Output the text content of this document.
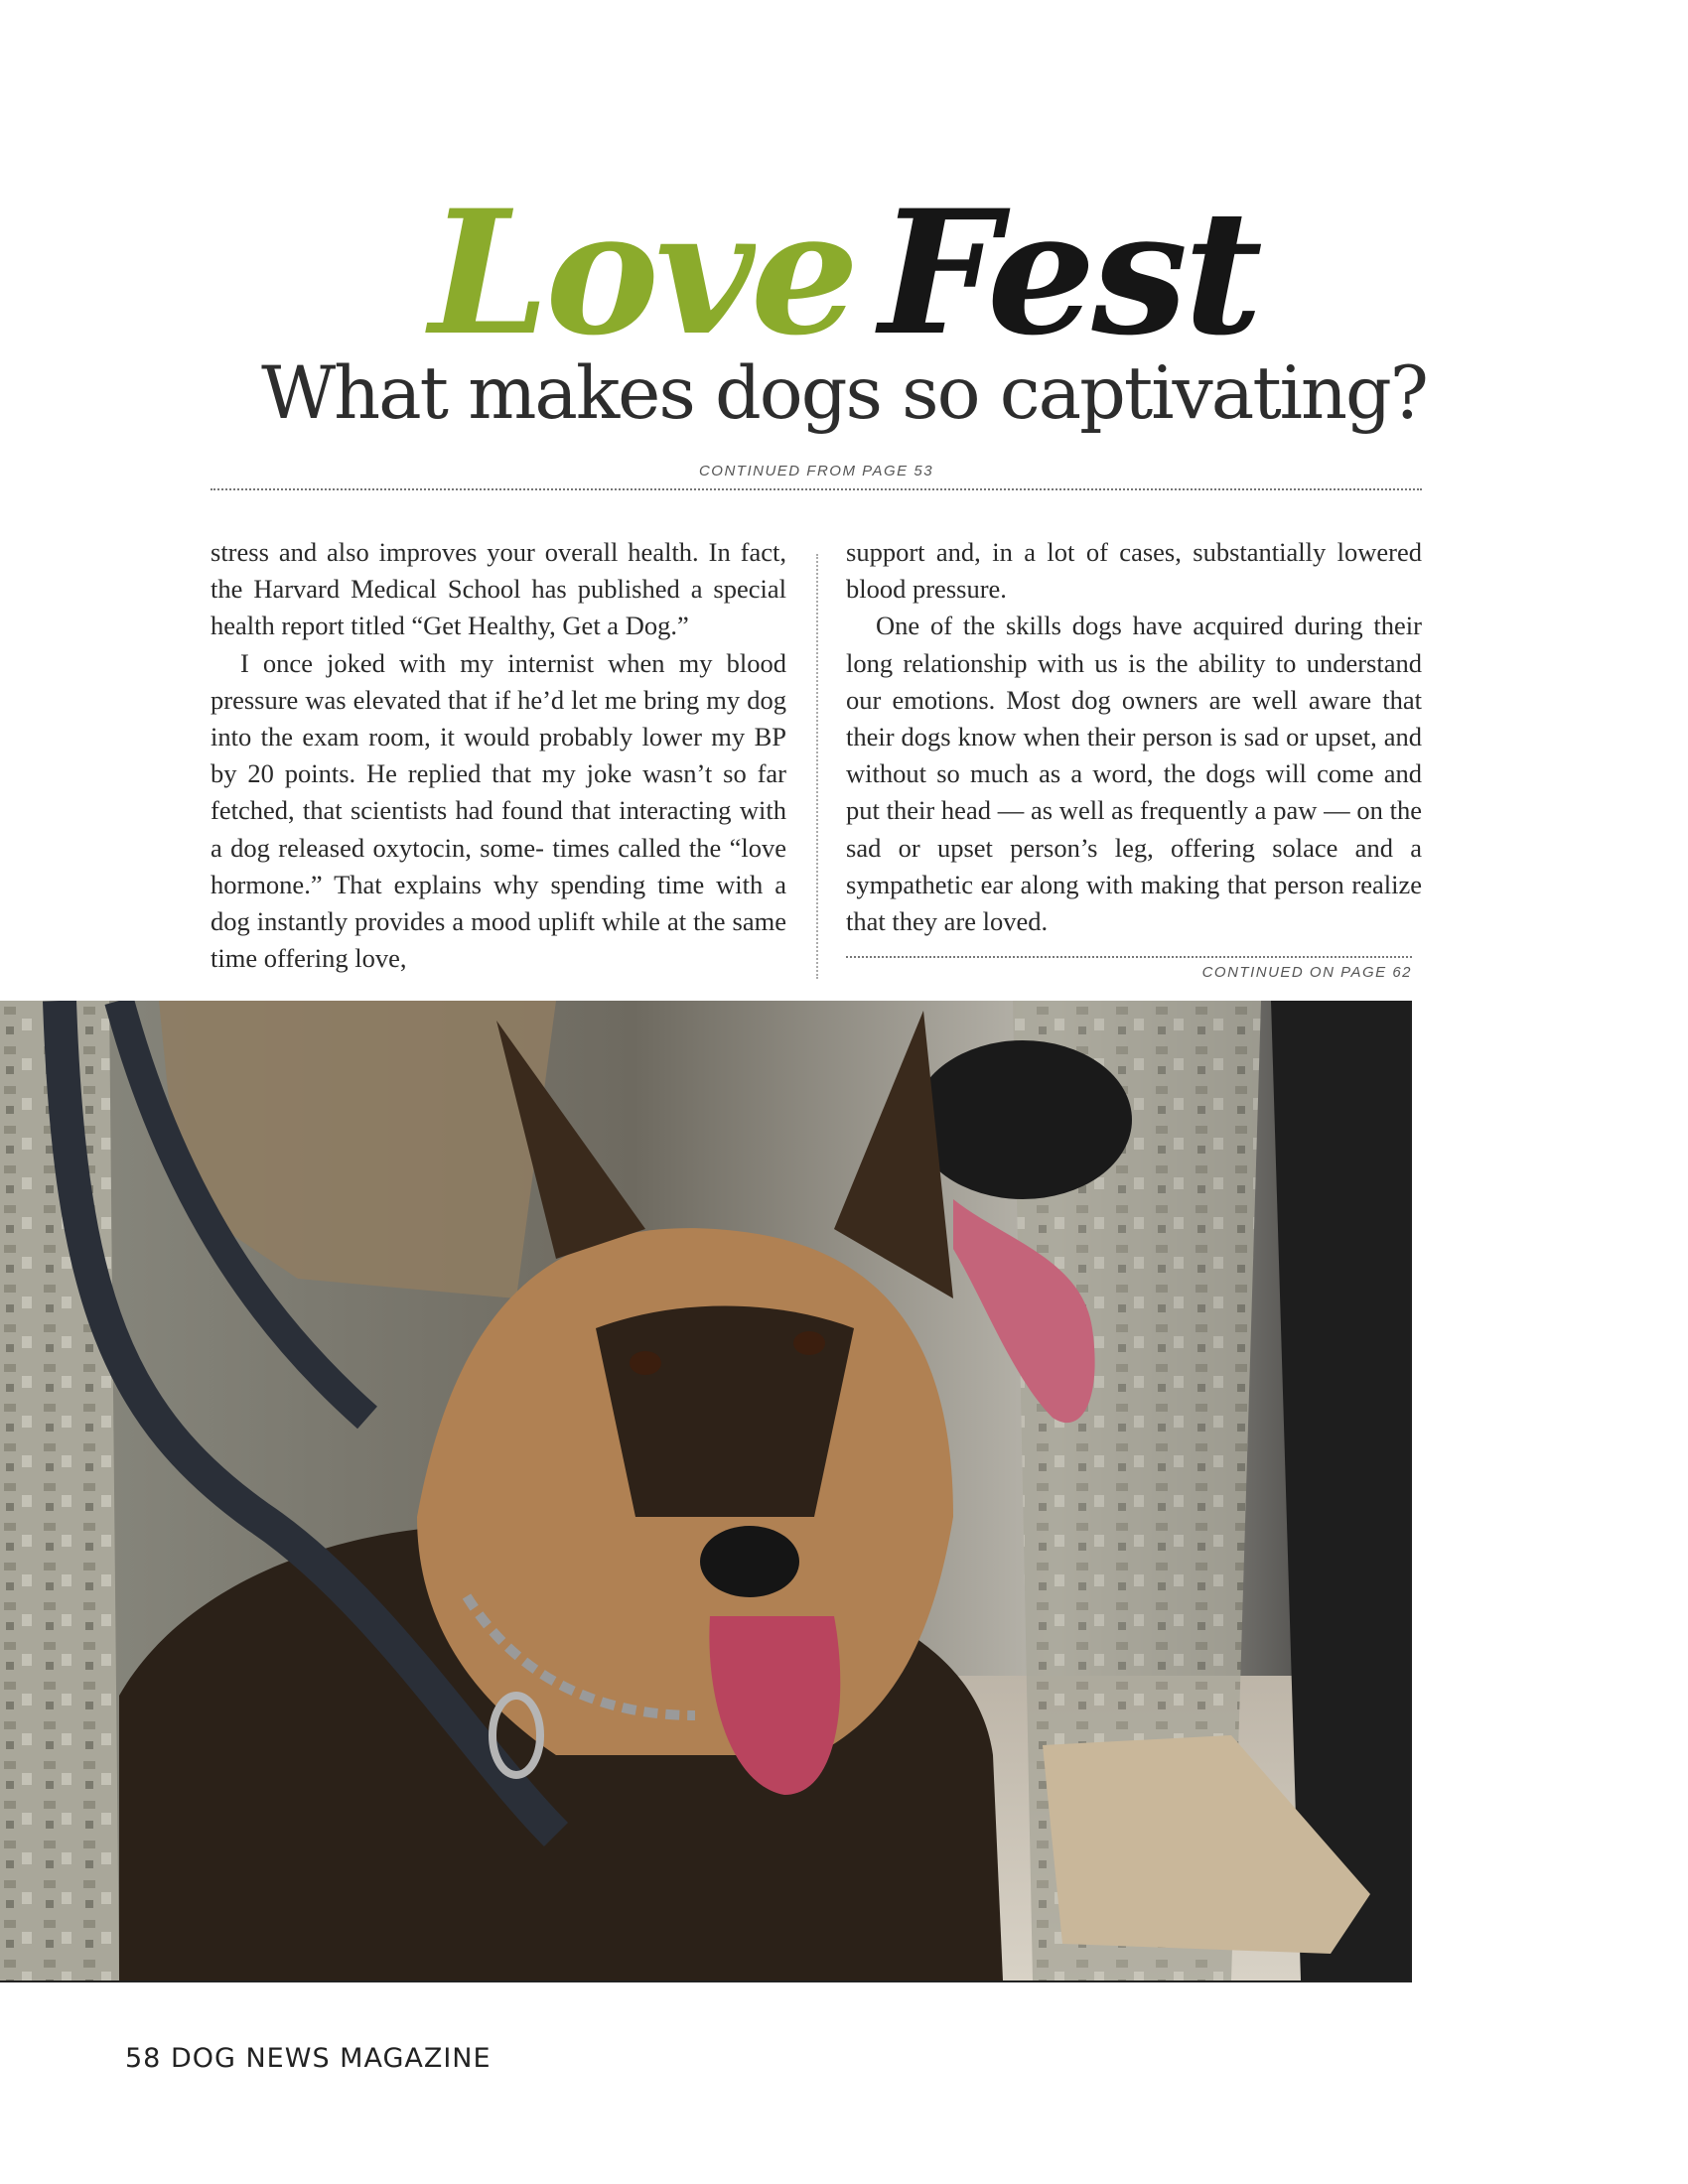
Love Fest
What makes dogs so captivating?
CONTINUED FROM PAGE 53

stress and also improves your overall health. In fact, the Harvard Medical School has published a special health report titled “Get Healthy, Get a Dog.”

I once joked with my internist when my blood pressure was elevated that if he’d let me bring my dog into the exam room, it would probably lower my BP by 20 points. He replied that my joke wasn’t so far fetched, that scientists had found that interacting with a dog released oxytocin, some- times called the “love hormone.” That explains why spending time with a dog instantly provides a mood uplift while at the same time offering love,

support and, in a lot of cases, substantially lowered blood pressure.

One of the skills dogs have acquired during their long relationship with us is the ability to understand our emotions. Most dog owners are well aware that their dogs know when their person is sad or upset, and without so much as a word, the dogs will come and put their head — as well as frequently a paw — on the sad or upset person’s leg, offering solace and a sympathetic ear along with making that person realize that they are loved.

CONTINUED ON PAGE 62
58 DOG NEWS MAGAZINE
